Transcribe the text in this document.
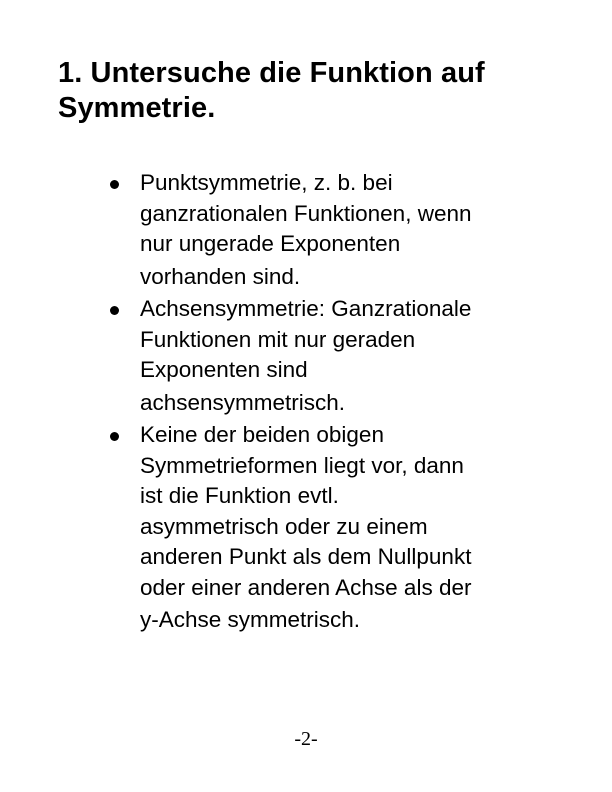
1. Untersuche die Funktion auf
Symmetrie.

Punktsymmetrie, z. b. bei
ganzrationalen Funktionen, wenn
nur ungerade Exponenten
vorhanden sind.

Achsensymmetrie: Ganzrationale
Funktionen mit nur geraden
Exponenten sind
achsensymmetrisch.

Keine der beiden obigen
Symmetrieformen liegt vor, dann
ist die Funktion evtl.
asymmetrisch oder zu einem
anderen Punkt als dem Nullpunkt
oder einer anderen Achse als der
y-Achse symmetrisch.

-2-
